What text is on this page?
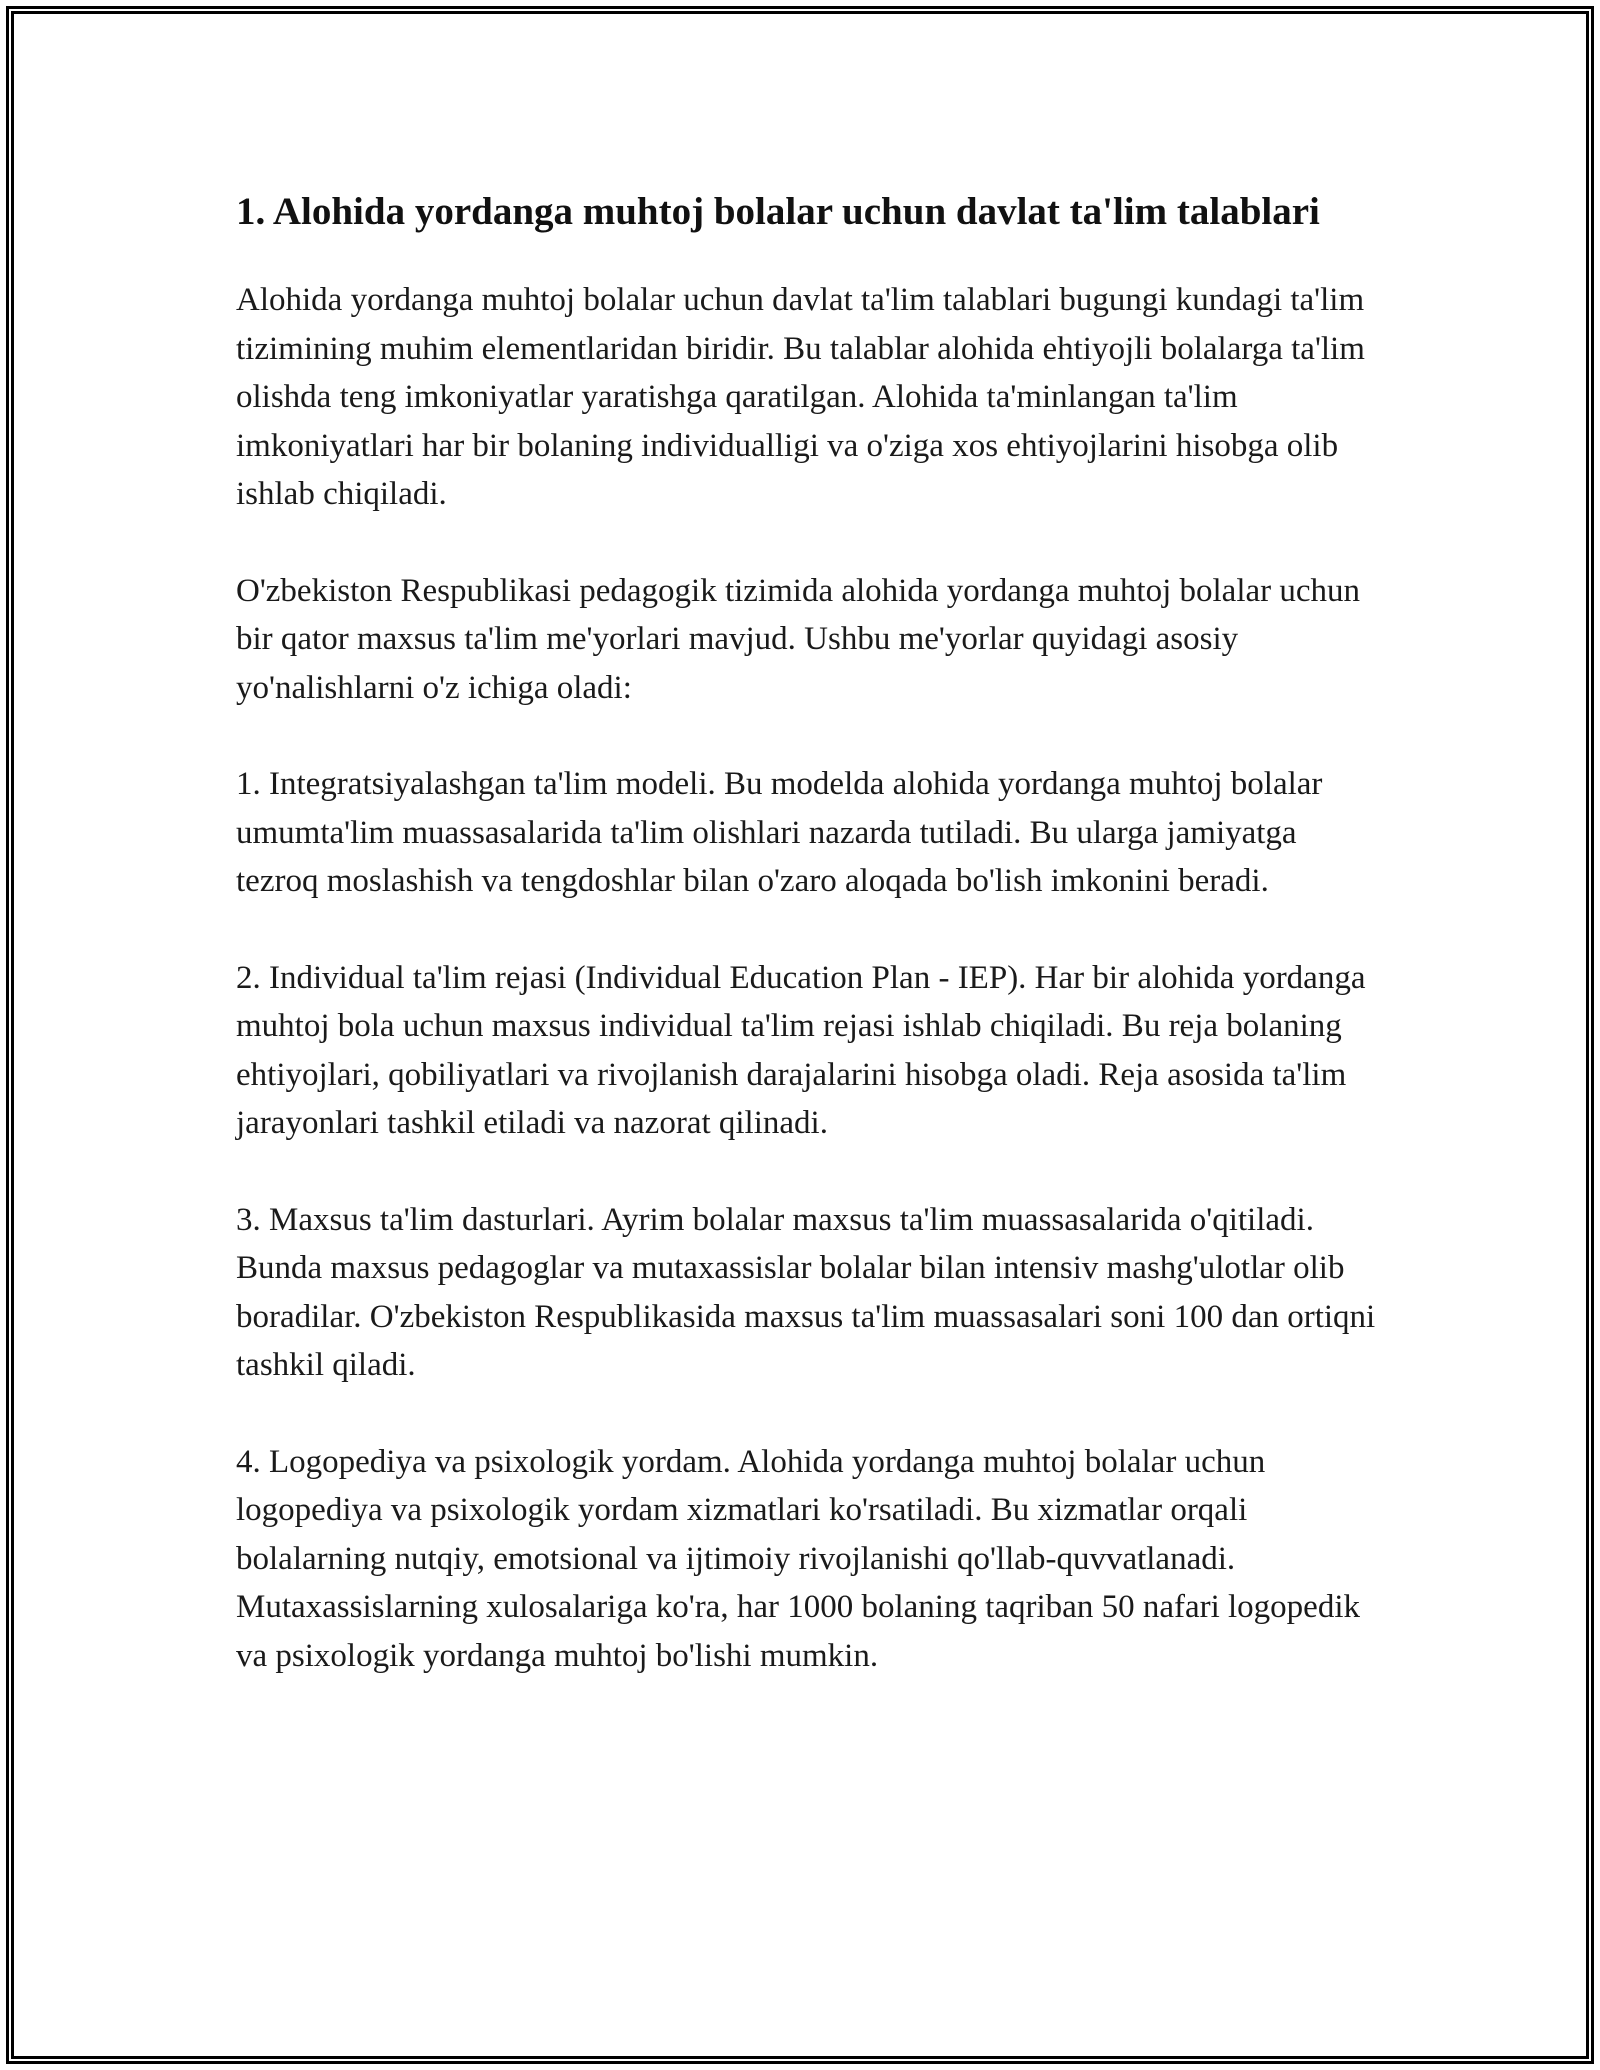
1. Alohida yordanga muhtoj bolalar uchun davlat ta'lim talablari

Alohida yordanga muhtoj bolalar uchun davlat ta'lim talablari bugungi kundagi ta'lim tizimining muhim elementlaridan biridir. Bu talablar alohida ehtiyojli bolalarga ta'lim olishda teng imkoniyatlar yaratishga qaratilgan. Alohida ta'minlangan ta'lim imkoniyatlari har bir bolaning individualligi va o'ziga xos ehtiyojlarini hisobga olib ishlab chiqiladi.

O'zbekiston Respublikasi pedagogik tizimida alohida yordanga muhtoj bolalar uchun bir qator maxsus ta'lim me'yorlari mavjud. Ushbu me'yorlar quyidagi asosiy yo'nalishlarni o'z ichiga oladi:

1. Integratsiyalashgan ta'lim modeli. Bu modelda alohida yordanga muhtoj bolalar umumta'lim muassasalarida ta'lim olishlari nazarda tutiladi. Bu ularga jamiyatga tezroq moslashish va tengdoshlar bilan o'zaro aloqada bo'lish imkonini beradi.

2. Individual ta'lim rejasi (Individual Education Plan - IEP). Har bir alohida yordanga muhtoj bola uchun maxsus individual ta'lim rejasi ishlab chiqiladi. Bu reja bolaning ehtiyojlari, qobiliyatlari va rivojlanish darajalarini hisobga oladi. Reja asosida ta'lim jarayonlari tashkil etiladi va nazorat qilinadi.

3. Maxsus ta'lim dasturlari. Ayrim bolalar maxsus ta'lim muassasalarida o'qitiladi. Bunda maxsus pedagoglar va mutaxassislar bolalar bilan intensiv mashg'ulotlar olib boradilar. O'zbekiston Respublikasida maxsus ta'lim muassasalari soni 100 dan ortiqni tashkil qiladi.

4. Logopediya va psixologik yordam. Alohida yordanga muhtoj bolalar uchun logopediya va psixologik yordam xizmatlari ko'rsatiladi. Bu xizmatlar orqali bolalarning nutqiy, emotsional va ijtimoiy rivojlanishi qo'llab-quvvatlanadi. Mutaxassislarning xulosalariga ko'ra, har 1000 bolaning taqriban 50 nafari logopedik va psixologik yordanga muhtoj bo'lishi mumkin.
